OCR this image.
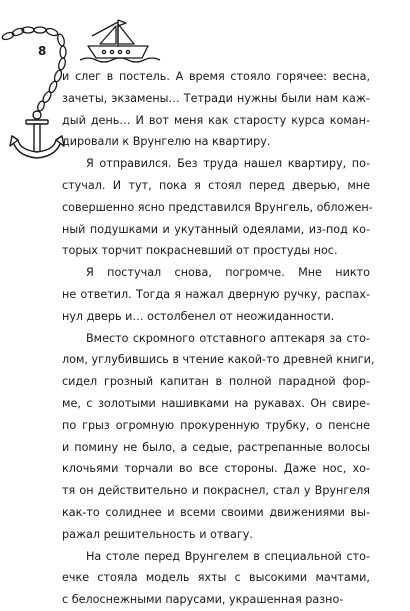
8
и слег в постель. А время стояло горячее: весна,
зачеты, экзамены… Тетради нужны были нам каж-
дый день… И вот меня как старосту курса коман-
дировали к Врунгелю на квартиру.
Я отправился. Без труда нашел квартиру, по-
стучал. И тут, пока я стоял перед дверью, мне
совершенно ясно представился Врунгель, обложен-
ный подушками и укутанный одеялами, из-под ко-
торых торчит покрасневший от простуды нос.
Я постучал снова, погромче. Мне никто
не ответил. Тогда я нажал дверную ручку, распах-
нул дверь и… остолбенел от неожиданности.
Вместо скромного отставного аптекаря за сто-
лом, углубившись в чтение какой-то древней книги,
сидел грозный капитан в полной парадной фор-
ме, с золотыми нашивками на рукавах. Он свире-
по грыз огромную прокуренную трубку, о пенсне
и помину не было, а седые, растрепанные волосы
клочьями торчали во все стороны. Даже нос, хо-
тя он действительно и покраснел, стал у Врунгеля
как-то солиднее и всеми своими движениями вы-
ражал решительность и отвагу.
На столе перед Врунгелем в специальной сто-
ечке стояла модель яхты с высокими мачтами,
с белоснежными парусами, украшенная разно-
